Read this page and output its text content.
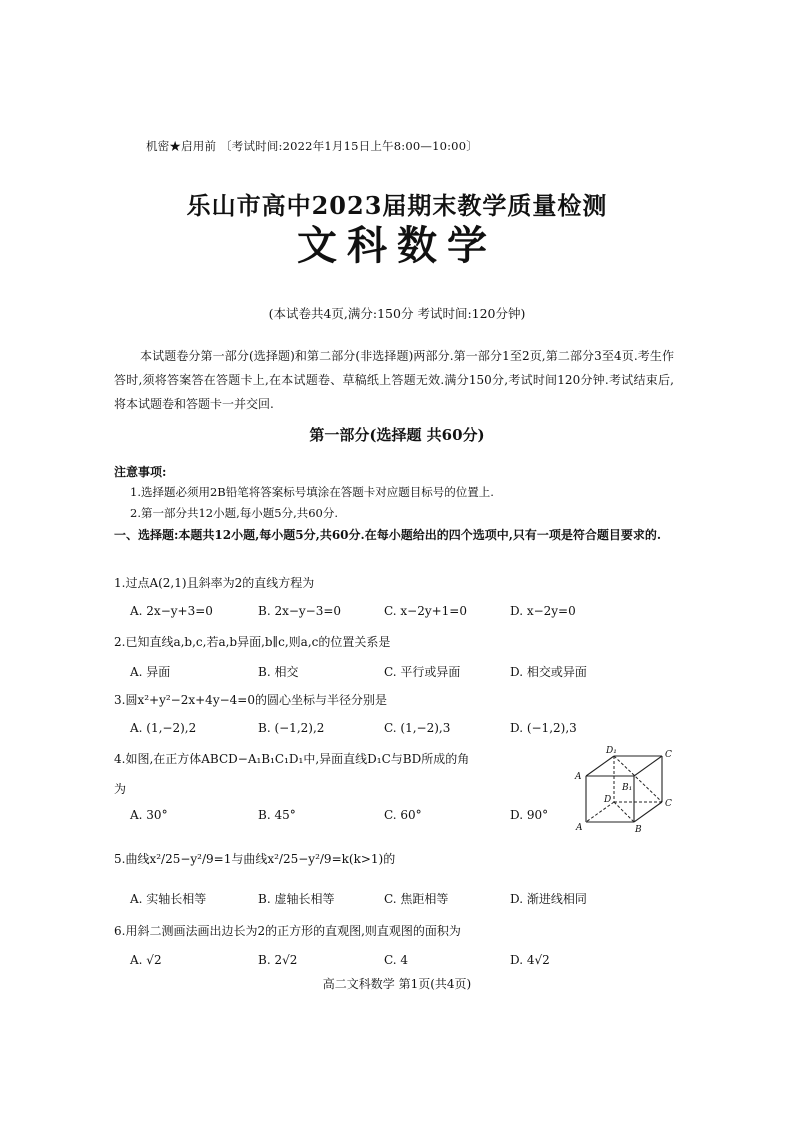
机密★启用前 〔考试时间:2022年1月15日上午8:00—10:00〕
乐山市高中2023届期末教学质量检测
文科数学
(本试卷共4页,满分:150分 考试时间:120分钟)
本试题卷分第一部分(选择题)和第二部分(非选择题)两部分.第一部分1至2页,第二部分3至4页.考生作答时,须将答案答在答题卡上,在本试题卷、草稿纸上答题无效.满分150分,考试时间120分钟.考试结束后,将本试题卷和答题卡一并交回.
第一部分(选择题 共60分)
注意事项:
1.选择题必须用2B铅笔将答案标号填涂在答题卡对应题目标号的位置上.
2.第一部分共12小题,每小题5分,共60分.
一、选择题:本题共12小题,每小题5分,共60分.在每小题给出的四个选项中,只有一项是符合题目要求的.
1.过点A(2,1)且斜率为2的直线方程为
A. 2x−y+3=0	B. 2x−y−3=0	C. x−2y+1=0	D. x−2y=0
2.已知直线a,b,c,若a,b异面,b∥c,则a,c的位置关系是
A. 异面	B. 相交	C. 平行或异面	D. 相交或异面
3.圆x²+y²−2x+4y−4=0的圆心坐标与半径分别是
A. (1,−2),2	B. (−1,2),2	C. (1,−2),3	D. (−1,2),3
4.如图,在正方体ABCD−A₁B₁C₁D₁中,异面直线D₁C与BD所成的角
为
A. 30°	B. 45°	C. 60°	D. 90°
D₁	C
A
B₁
D	C
A	B
5.曲线x²/25−y²/9=1与曲线x²/25−y²/9=k(k>1)的
A. 实轴长相等	B. 虚轴长相等	C. 焦距相等	D. 渐进线相同
6.用斜二测画法画出边长为2的正方形的直观图,则直观图的面积为
A. √2	B. 2√2	C. 4	D. 4√2
高二文科数学 第1页(共4页)
